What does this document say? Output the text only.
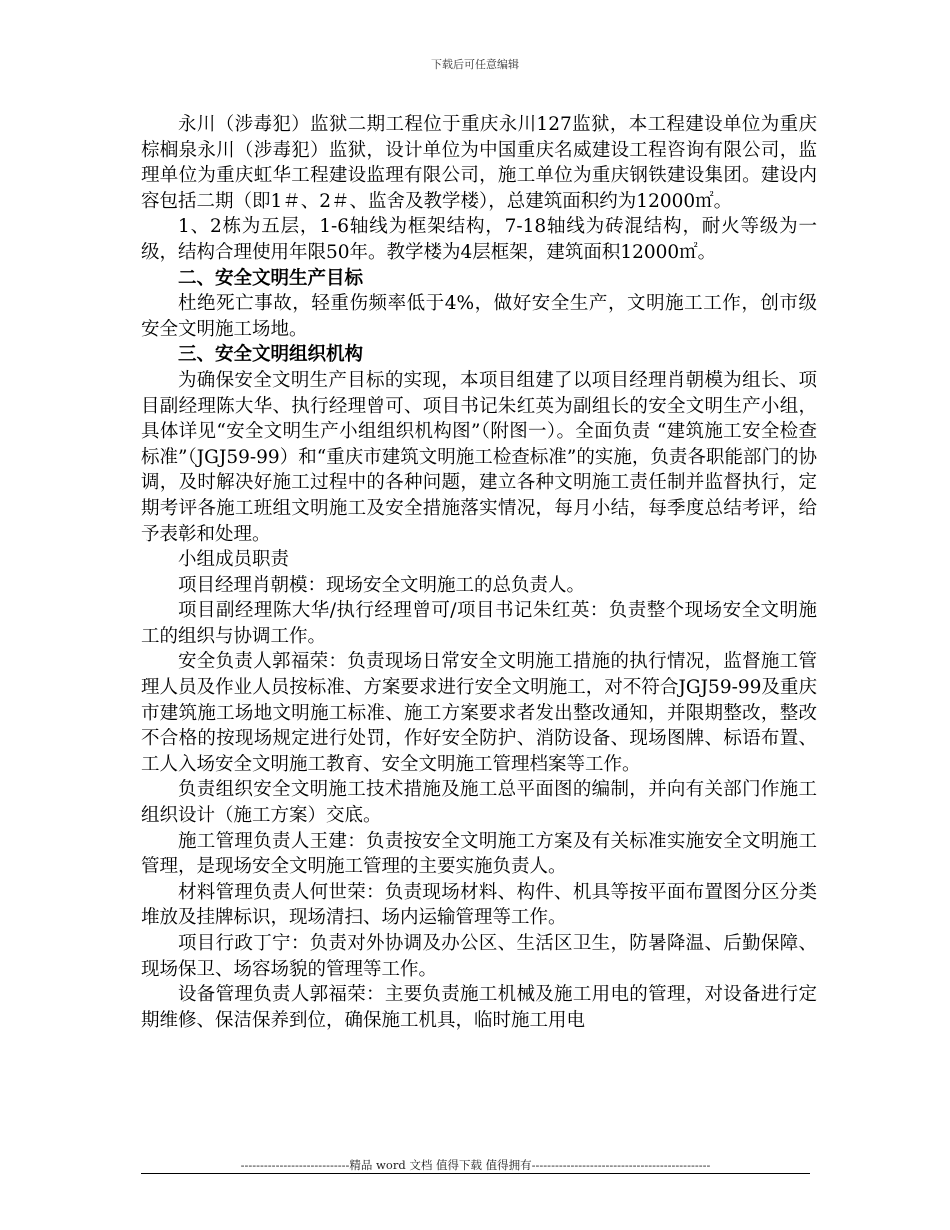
下载后可任意编辑

永川（涉毒犯）监狱二期工程位于重庆永川127监狱，本工程建设单位为重庆棕榈泉永川（涉毒犯）监狱，设计单位为中国重庆名威建设工程咨询有限公司，监理单位为重庆虹华工程建设监理有限公司，施工单位为重庆钢铁建设集团。建设内容包括二期（即1＃、2＃、监舍及教学楼），总建筑面积约为12000㎡。

1、2栋为五层，1-6轴线为框架结构，7-18轴线为砖混结构，耐火等级为一级，结构合理使用年限50年。教学楼为4层框架，建筑面积12000㎡。

二、安全文明生产目标

杜绝死亡事故，轻重伤频率低于4%，做好安全生产，文明施工工作，创市级安全文明施工场地。

三、安全文明组织机构

为确保安全文明生产目标的实现，本项目组建了以项目经理肖朝模为组长、项目副经理陈大华、执行经理曾可、项目书记朱红英为副组长的安全文明生产小组，具体详见“安全文明生产小组组织机构图”（附图一）。全面负责 “建筑施工安全检查标准”（JGJ59-99）和“重庆市建筑文明施工检查标准”的实施，负责各职能部门的协调，及时解决好施工过程中的各种问题，建立各种文明施工责任制并监督执行，定期考评各施工班组文明施工及安全措施落实情况，每月小结，每季度总结考评，给予表彰和处理。

小组成员职责

项目经理肖朝模：现场安全文明施工的总负责人。

项目副经理陈大华/执行经理曾可/项目书记朱红英：负责整个现场安全文明施工的组织与协调工作。

安全负责人郭福荣：负责现场日常安全文明施工措施的执行情况，监督施工管理人员及作业人员按标准、方案要求进行安全文明施工，对不符合JGJ59-99及重庆市建筑施工场地文明施工标准、施工方案要求者发出整改通知，并限期整改，整改不合格的按现场规定进行处罚，作好安全防护、消防设备、现场图牌、标语布置、工人入场安全文明施工教育、安全文明施工管理档案等工作。

负责组织安全文明施工技术措施及施工总平面图的编制，并向有关部门作施工组织设计（施工方案）交底。

施工管理负责人王建：负责按安全文明施工方案及有关标准实施安全文明施工管理，是现场安全文明施工管理的主要实施负责人。

材料管理负责人何世荣：负责现场材料、构件、机具等按平面布置图分区分类堆放及挂牌标识，现场清扫、场内运输管理等工作。

项目行政丁宁：负责对外协调及办公区、生活区卫生，防暑降温、后勤保障、现场保卫、场容场貌的管理等工作。

设备管理负责人郭福荣：主要负责施工机械及施工用电的管理，对设备进行定期维修、保洁保养到位，确保施工机具，临时施工用电

----------------------------精品 word 文档 值得下载 值得拥有----------------------------------------------
